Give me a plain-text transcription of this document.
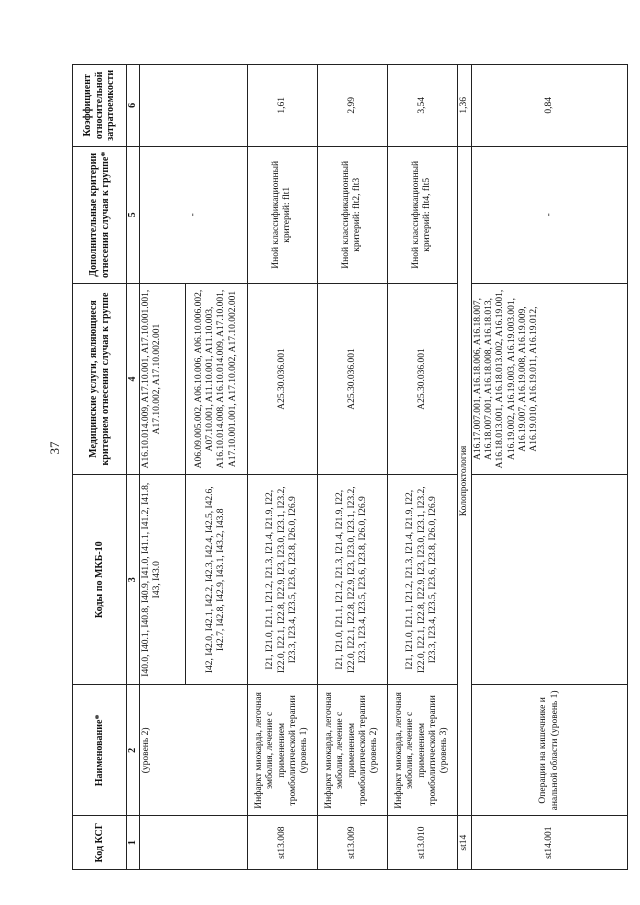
37
Код КСГ	Наименование*	Коды по МКБ-10	Медицинские услуги, являющиеся критерием отнесения случая к группе	Дополнительные критерии отнесения случая к группе*	Коэффициент относительной затратоемкости
1	2	3	4	5	6
	(уровень 2)	I40.0, I40.1, I40.8, I40.9, I41.0, I41.1, I41.2, I41.8, I43, I43.0	A16.10.014.009, A17.10.001, A17.10.001.001, A17.10.002, A17.10.002.001	-	
		I42, I42.0, I42.1, I42.2, I42.3, I42.4, I42.5, I42.6, I42.7, I42.8, I42.9, I43.1, I43.2, I43.8	A06.09.005.002, A06.10.006, A06.10.006.002, A07.10.001, A11.10.001, A11.10.003, A16.10.014.008, A16.10.014.009, A17.10.001, A17.10.001.001, A17.10.002, A17.10.002.001		
st13.008	Инфаркт миокарда, легочная эмболия, лечение с применением тромболитической терапии (уровень 1)	I21, I21.0, I21.1, I21.2, I21.3, I21.4, I21.9, I22, I22.0, I22.1, I22.8, I22.9, I23, I23.0, I23.1, I23.2, I23.3, I23.4, I23.5, I23.6, I23.8, I26.0, I26.9	A25.30.036.001	Иной классификационный критерий: flt1	1,61
st13.009	Инфаркт миокарда, легочная эмболия, лечение с применением тромболитической терапии (уровень 2)	I21, I21.0, I21.1, I21.2, I21.3, I21.4, I21.9, I22, I22.0, I22.1, I22.8, I22.9, I23, I23.0, I23.1, I23.2, I23.3, I23.4, I23.5, I23.6, I23.8, I26.0, I26.9	A25.30.036.001	Иной классификационный критерий: flt2, flt3	2,99
st13.010	Инфаркт миокарда, легочная эмболия, лечение с применением тромболитической терапии (уровень 3)	I21, I21.0, I21.1, I21.2, I21.3, I21.4, I21.9, I22, I22.0, I22.1, I22.8, I22.9, I23, I23.0, I23.1, I23.2, I23.3, I23.4, I23.5, I23.6, I23.8, I26.0, I26.9	A25.30.036.001	Иной классификационный критерий: flt4, flt5	3,54
st14	Колопроктология				1,36
st14.001	Операции на кишечнике и анальной области (уровень 1)		A16.17.007.001, A16.18.006, A16.18.007, A16.18.007.001, A16.18.008, A16.18.013, A16.18.013.001, A16.18.013.002, A16.19.001, A16.19.002, A16.19.003, A16.19.003.001, A16.19.007, A16.19.008, A16.19.009, A16.19.010, A16.19.011, A16.19.012,	-	0,84
